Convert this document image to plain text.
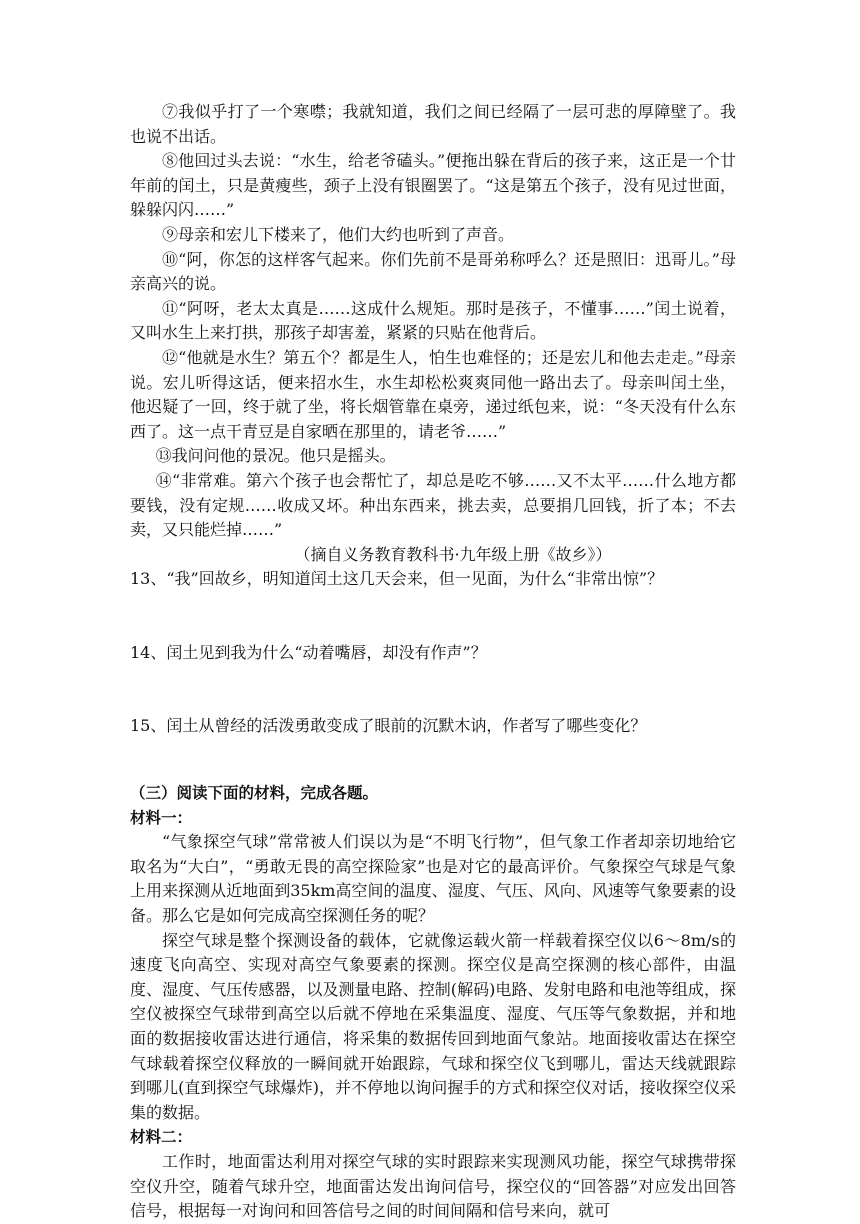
⑦我似乎打了一个寒噤；我就知道，我们之间已经隔了一层可悲的厚障壁了。我也说不出话。

⑧他回过头去说：“水生，给老爷磕头。”便拖出躲在背后的孩子来，这正是一个廿年前的闰土，只是黄瘦些，颈子上没有银圈罢了。“这是第五个孩子，没有见过世面，躲躲闪闪……”

⑨母亲和宏儿下楼来了，他们大约也听到了声音。

⑩“阿，你怎的这样客气起来。你们先前不是哥弟称呼么？还是照旧：迅哥儿。”母亲高兴的说。

⑪“阿呀，老太太真是……这成什么规矩。那时是孩子，不懂事……”闰土说着，又叫水生上来打拱，那孩子却害羞，紧紧的只贴在他背后。

⑫“他就是水生？第五个？都是生人，怕生也难怪的；还是宏儿和他去走走。”母亲说。宏儿听得这话，便来招水生，水生却松松爽爽同他一路出去了。母亲叫闰土坐，他迟疑了一回，终于就了坐，将长烟管靠在桌旁，递过纸包来，说：“冬天没有什么东西了。这一点干青豆是自家晒在那里的，请老爷……”

⑬我问问他的景况。他只是摇头。

⑭“非常难。第六个孩子也会帮忙了，却总是吃不够……又不太平……什么地方都要钱，没有定规……收成又坏。种出东西来，挑去卖，总要捐几回钱，折了本；不去卖，又只能烂掉……”

（摘自义务教育教科书·九年级上册《故乡》）

13、“我”回故乡，明知道闰土这几天会来，但一见面，为什么“非常出惊”？

14、闰土见到我为什么“动着嘴唇，却没有作声”？

15、闰土从曾经的活泼勇敢变成了眼前的沉默木讷，作者写了哪些变化？

（三）阅读下面的材料，完成各题。

材料一：

“气象探空气球”常常被人们误以为是“不明飞行物”，但气象工作者却亲切地给它取名为“大白”，“勇敢无畏的高空探险家”也是对它的最高评价。气象探空气球是气象上用来探测从近地面到35km高空间的温度、湿度、气压、风向、风速等气象要素的设备。那么它是如何完成高空探测任务的呢？

探空气球是整个探测设备的载体，它就像运载火箭一样载着探空仪以6～8m/s的速度飞向高空、实现对高空气象要素的探测。探空仪是高空探测的核心部件，由温度、湿度、气压传感器，以及测量电路、控制(解码)电路、发射电路和电池等组成，探空仪被探空气球带到高空以后就不停地在采集温度、湿度、气压等气象数据，并和地面的数据接收雷达进行通信，将采集的数据传回到地面气象站。地面接收雷达在探空气球载着探空仪释放的一瞬间就开始跟踪，气球和探空仪飞到哪儿，雷达天线就跟踪到哪儿(直到探空气球爆炸)，并不停地以询问握手的方式和探空仪对话，接收探空仪采集的数据。

材料二：

工作时，地面雷达利用对探空气球的实时跟踪来实现测风功能，探空气球携带探空仪升空，随着气球升空，地面雷达发出询问信号，探空仪的“回答器”对应发出回答信号，根据每一对询问和回答信号之间的时间间隔和信号来向，就可
